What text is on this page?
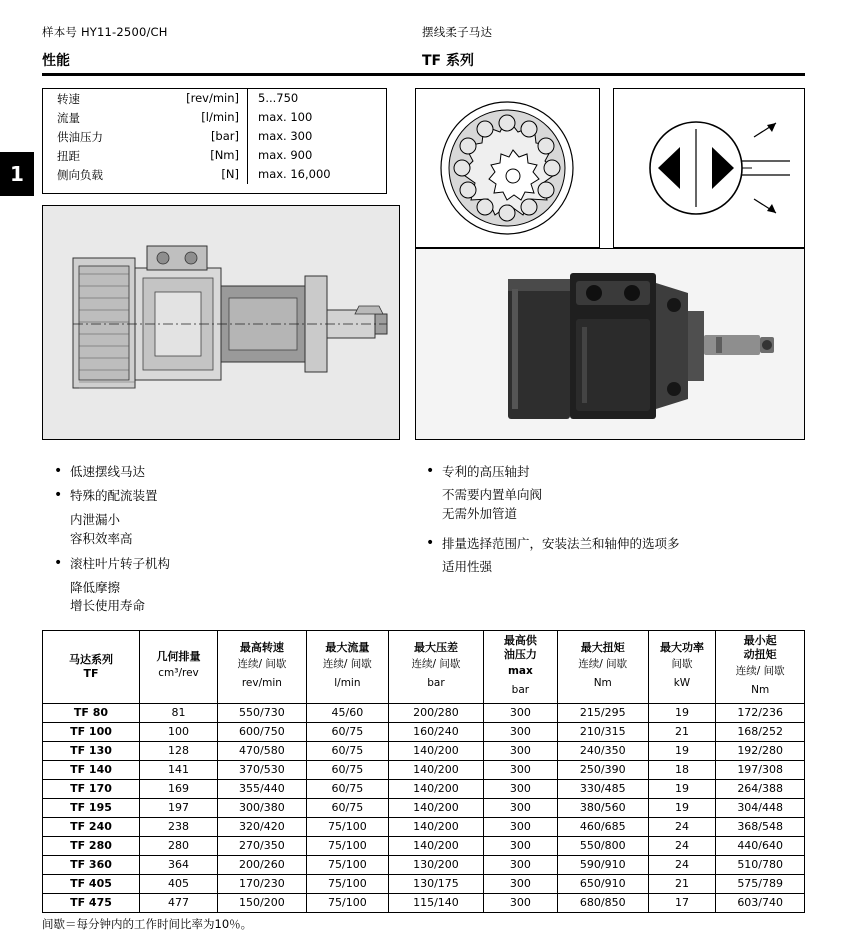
样本号 HY11-2500/CH
性能
摆线柔子马达
TF 系列
1
转速	[rev/min]	5...750
流量	[l/min]	max. 100
供油压力	[bar]	max. 300
扭距	[Nm]	max. 900
侧向负载	[N]	max. 16,000
• 低速摆线马达
• 特殊的配流装置
内泄漏小
容积效率高
• 滚柱叶片转子机构
降低摩擦
增长使用寿命
• 专利的高压轴封
不需要内置单向阀
无需外加管道
• 排量选择范围广，安装法兰和轴伸的选项多
适用性强
马达系列
TF

几何排量
cm³/rev

最高转速
连续/ 间歇
rev/min

最大流量
连续/ 间歇
l/min

最大压差
连续/ 间歇
bar

最高供
油压力
max
bar

最大扭矩
连续/ 间歇
Nm

最大功率
间歇
kW

最小起
动扭矩
连续/ 间歇
Nm

TF 80	81	550/730	45/60	200/280	300	215/295	19	172/236
TF 100	100	600/750	60/75	160/240	300	210/315	21	168/252
TF 130	128	470/580	60/75	140/200	300	240/350	19	192/280
TF 140	141	370/530	60/75	140/200	300	250/390	18	197/308
TF 170	169	355/440	60/75	140/200	300	330/485	19	264/388
TF 195	197	300/380	60/75	140/200	300	380/560	19	304/448
TF 240	238	320/420	75/100	140/200	300	460/685	24	368/548
TF 280	280	270/350	75/100	140/200	300	550/800	24	440/640
TF 360	364	200/260	75/100	130/200	300	590/910	24	510/780
TF 405	405	170/230	75/100	130/175	300	650/910	21	575/789
TF 475	477	150/200	75/100	115/140	300	680/850	17	603/740
间歇＝每分钟内的工作时间比率为10％。
